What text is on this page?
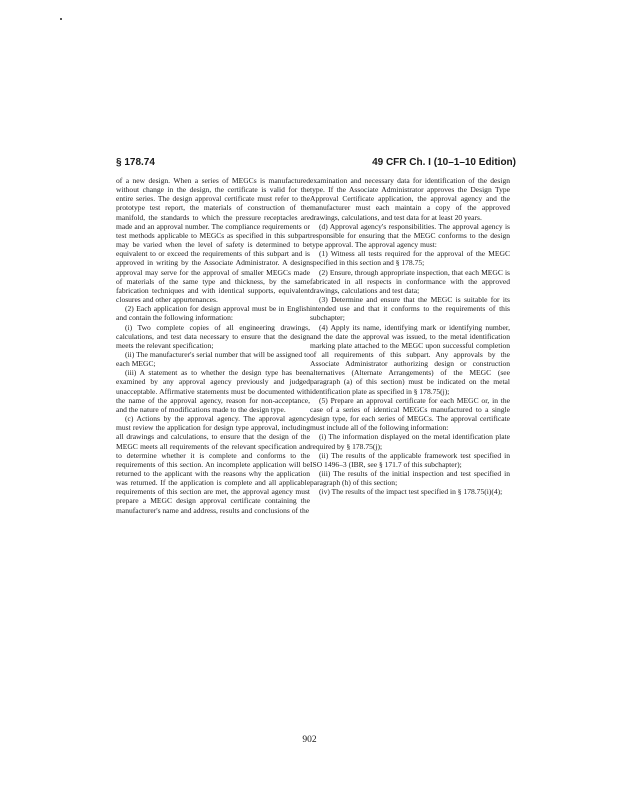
§ 178.74	49 CFR Ch. I (10–1–10 Edition)

of a new design. When a series of MEGCs is manufactured without change in the design, the certificate is valid for the entire series. The design approval certificate must refer to the prototype test report, the materials of construction of the manifold, the standards to which the pressure receptacles are made and an approval number. The compliance requirements or test methods applicable to MEGCs as specified in this subpart may be varied when the level of safety is determined to be equivalent to or exceed the requirements of this subpart and is approved in writing by the Associate Administrator. A design approval may serve for the approval of smaller MEGCs made of materials of the same type and thickness, by the same fabrication techniques and with identical supports, equivalent closures and other appurtenances.

(2) Each application for design approval must be in English and contain the following information:

(i) Two complete copies of all engineering drawings, calculations, and test data necessary to ensure that the design meets the relevant specification;

(ii) The manufacturer's serial number that will be assigned to each MEGC;

(iii) A statement as to whether the design type has been examined by any approval agency previously and judged unacceptable. Affirmative statements must be documented with the name of the approval agency, reason for non-acceptance, and the nature of modifications made to the design type.

(c) Actions by the approval agency. The approval agency must review the application for design type approval, including all drawings and calculations, to ensure that the design of the MEGC meets all requirements of the relevant specification and to determine whether it is complete and conforms to the requirements of this section. An incomplete application will be returned to the applicant with the reasons why the application was returned. If the application is complete and all applicable requirements of this section are met, the approval agency must prepare a MEGC design approval certificate containing the manufacturer's name and address, results and conclusions of the

examination and necessary data for identification of the design type. If the Associate Administrator approves the Design Type Approval Certificate application, the approval agency and the manufacturer must each maintain a copy of the approved drawings, calculations, and test data for at least 20 years.

(d) Approval agency's responsibilities. The approval agency is responsible for ensuring that the MEGC conforms to the design type approval. The approval agency must:

(1) Witness all tests required for the approval of the MEGC specified in this section and § 178.75;

(2) Ensure, through appropriate inspection, that each MEGC is fabricated in all respects in conformance with the approved drawings, calculations and test data;

(3) Determine and ensure that the MEGC is suitable for its intended use and that it conforms to the requirements of this subchapter;

(4) Apply its name, identifying mark or identifying number, and the date the approval was issued, to the metal identification marking plate attached to the MEGC upon successful completion of all requirements of this subpart. Any approvals by the Associate Administrator authorizing design or construction alternatives (Alternate Arrangements) of the MEGC (see paragraph (a) of this section) must be indicated on the metal identification plate as specified in § 178.75(j);

(5) Prepare an approval certificate for each MEGC or, in the case of a series of identical MEGCs manufactured to a single design type, for each series of MEGCs. The approval certificate must include all of the following information:

(i) The information displayed on the metal identification plate required by § 178.75(j);

(ii) The results of the applicable framework test specified in ISO 1496–3 (IBR, see § 171.7 of this subchapter);

(iii) The results of the initial inspection and test specified in paragraph (h) of this section;

(iv) The results of the impact test specified in § 178.75(i)(4);

902
